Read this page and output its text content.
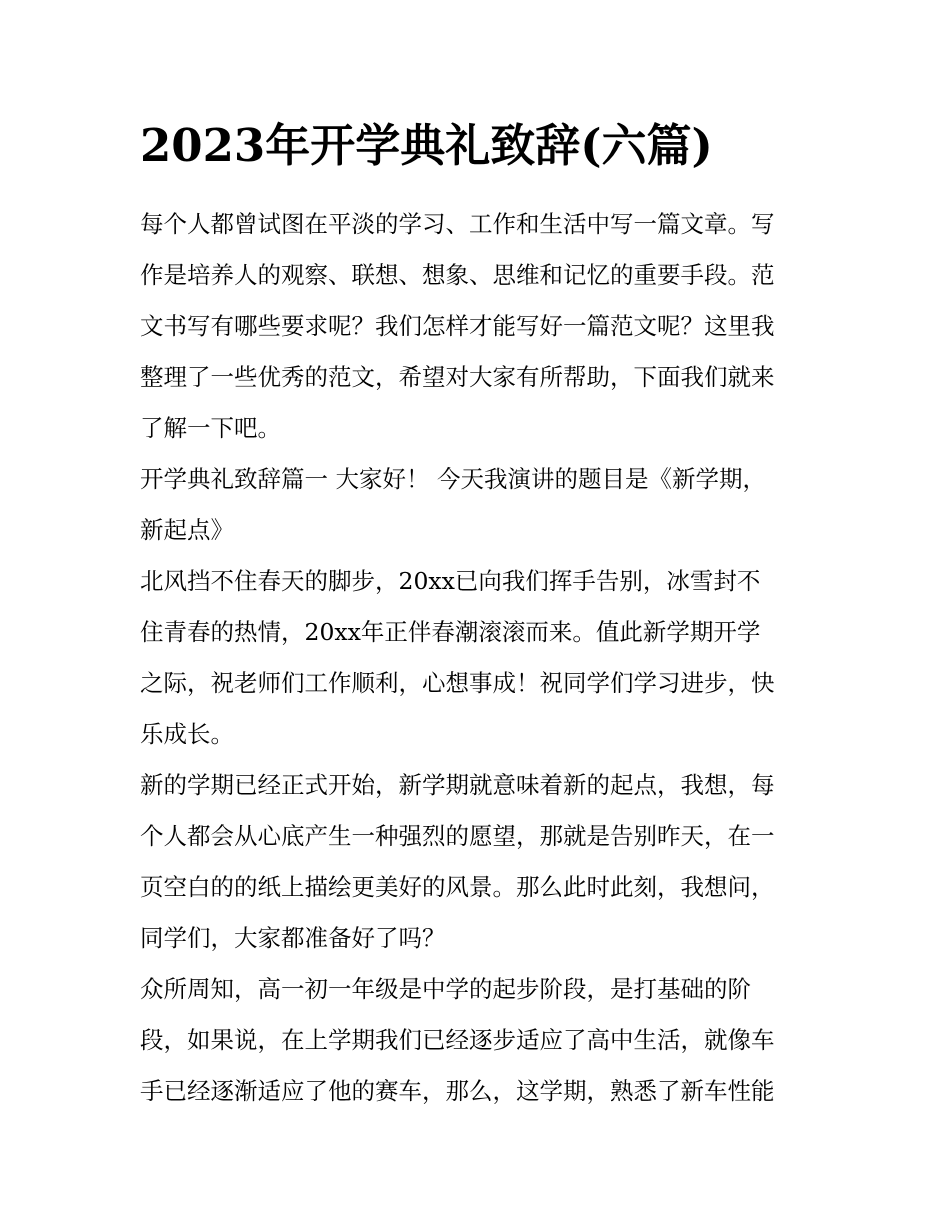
2023年开学典礼致辞(六篇)
每个人都曾试图在平淡的学习、工作和生活中写一篇文章。写
作是培养人的观察、联想、想象、思维和记忆的重要手段。范
文书写有哪些要求呢？我们怎样才能写好一篇范文呢？这里我
整理了一些优秀的范文，希望对大家有所帮助，下面我们就来
了解一下吧。
开学典礼致辞篇一 大家好！ 今天我演讲的题目是《新学期，
新起点》
北风挡不住春天的脚步，20xx已向我们挥手告别，冰雪封不
住青春的热情，20xx年正伴春潮滚滚而来。值此新学期开学
之际，祝老师们工作顺利，心想事成！祝同学们学习进步，快
乐成长。
新的学期已经正式开始，新学期就意味着新的起点，我想，每
个人都会从心底产生一种强烈的愿望，那就是告别昨天，在一
页空白的的纸上描绘更美好的风景。那么此时此刻，我想问，
同学们，大家都准备好了吗？
众所周知，高一初一年级是中学的起步阶段，是打基础的阶
段，如果说，在上学期我们已经逐步适应了高中生活，就像车
手已经逐渐适应了他的赛车，那么，这学期，熟悉了新车性能
